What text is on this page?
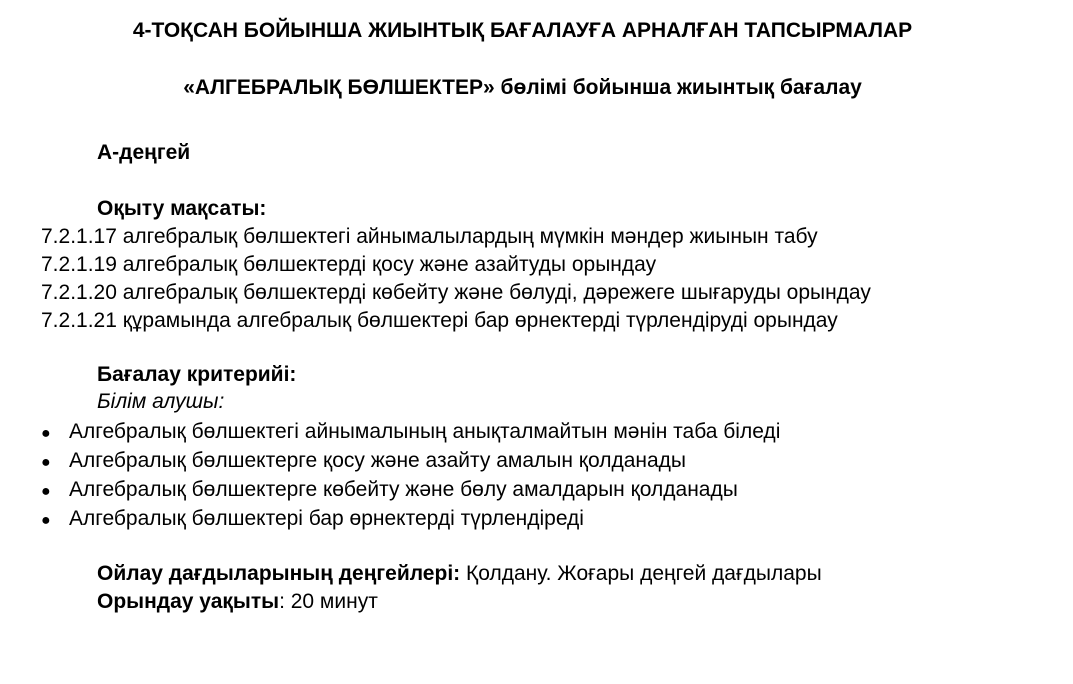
4-ТОҚСАН БОЙЫНША ЖИЫНТЫҚ БАҒАЛАУҒА АРНАЛҒАН ТАПСЫРМАЛАР
«АЛГЕБРАЛЫҚ БӨЛШЕКТЕР» бөлімі бойынша жиынтық бағалау
А-деңгей
Оқыту мақсаты:
7.2.1.17 алгебралық бөлшектегі айнымалылардың мүмкін мәндер жиынын табу
7.2.1.19 алгебралық бөлшектерді қосу және азайтуды орындау
7.2.1.20 алгебралық бөлшектерді көбейту және бөлуді, дәрежеге шығаруды орындау
7.2.1.21 құрамында алгебралық бөлшектері бар өрнектерді түрлендіруді орындау
Бағалау критерийі:
Білім алушы:
● Алгебралық бөлшектегі айнымалының анықталмайтын мәнін таба біледі
● Алгебралық бөлшектерге қосу және азайту амалын қолданады
● Алгебралық бөлшектерге көбейту және бөлу амалдарын қолданады
● Алгебралық бөлшектері бар өрнектерді түрлендіреді
Ойлау дағдыларының деңгейлері: Қолдану. Жоғары деңгей дағдылары
Орындау уақыты: 20 минут
